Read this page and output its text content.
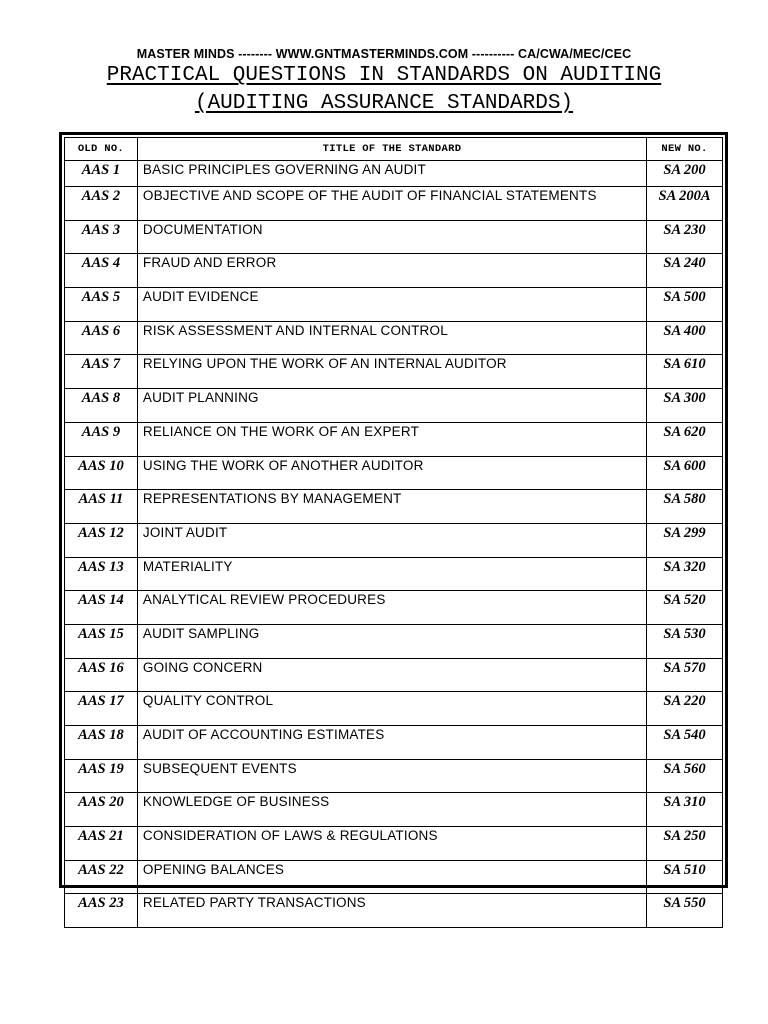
MASTER MINDS -------- WWW.GNTMASTERMINDS.COM ---------- CA/CWA/MEC/CEC
PRACTICAL QUESTIONS IN STANDARDS ON AUDITING
(AUDITING ASSURANCE STANDARDS)
OLD NO.	TITLE OF THE STANDARD	NEW NO.
AAS 1	BASIC PRINCIPLES GOVERNING AN AUDIT	SA 200
AAS 2	OBJECTIVE AND SCOPE OF THE AUDIT OF FINANCIAL STATEMENTS	SA 200A
AAS 3	DOCUMENTATION	SA 230
AAS 4	FRAUD AND ERROR	SA 240
AAS 5	AUDIT EVIDENCE	SA 500
AAS 6	RISK ASSESSMENT AND INTERNAL CONTROL	SA 400
AAS 7	RELYING UPON THE WORK OF AN INTERNAL AUDITOR	SA 610
AAS 8	AUDIT PLANNING	SA 300
AAS 9	RELIANCE ON THE WORK OF AN EXPERT	SA 620
AAS 10	USING THE WORK OF ANOTHER AUDITOR	SA 600
AAS 11	REPRESENTATIONS BY MANAGEMENT	SA 580
AAS 12	JOINT AUDIT	SA 299
AAS 13	MATERIALITY	SA 320
AAS 14	ANALYTICAL REVIEW PROCEDURES	SA 520
AAS 15	AUDIT SAMPLING	SA 530
AAS 16	GOING CONCERN	SA 570
AAS 17	QUALITY CONTROL	SA 220
AAS 18	AUDIT OF ACCOUNTING ESTIMATES	SA 540
AAS 19	SUBSEQUENT EVENTS	SA 560
AAS 20	KNOWLEDGE OF BUSINESS	SA 310
AAS 21	CONSIDERATION OF LAWS & REGULATIONS	SA 250
AAS 22	OPENING BALANCES	SA 510
AAS 23	RELATED PARTY TRANSACTIONS	SA 550
